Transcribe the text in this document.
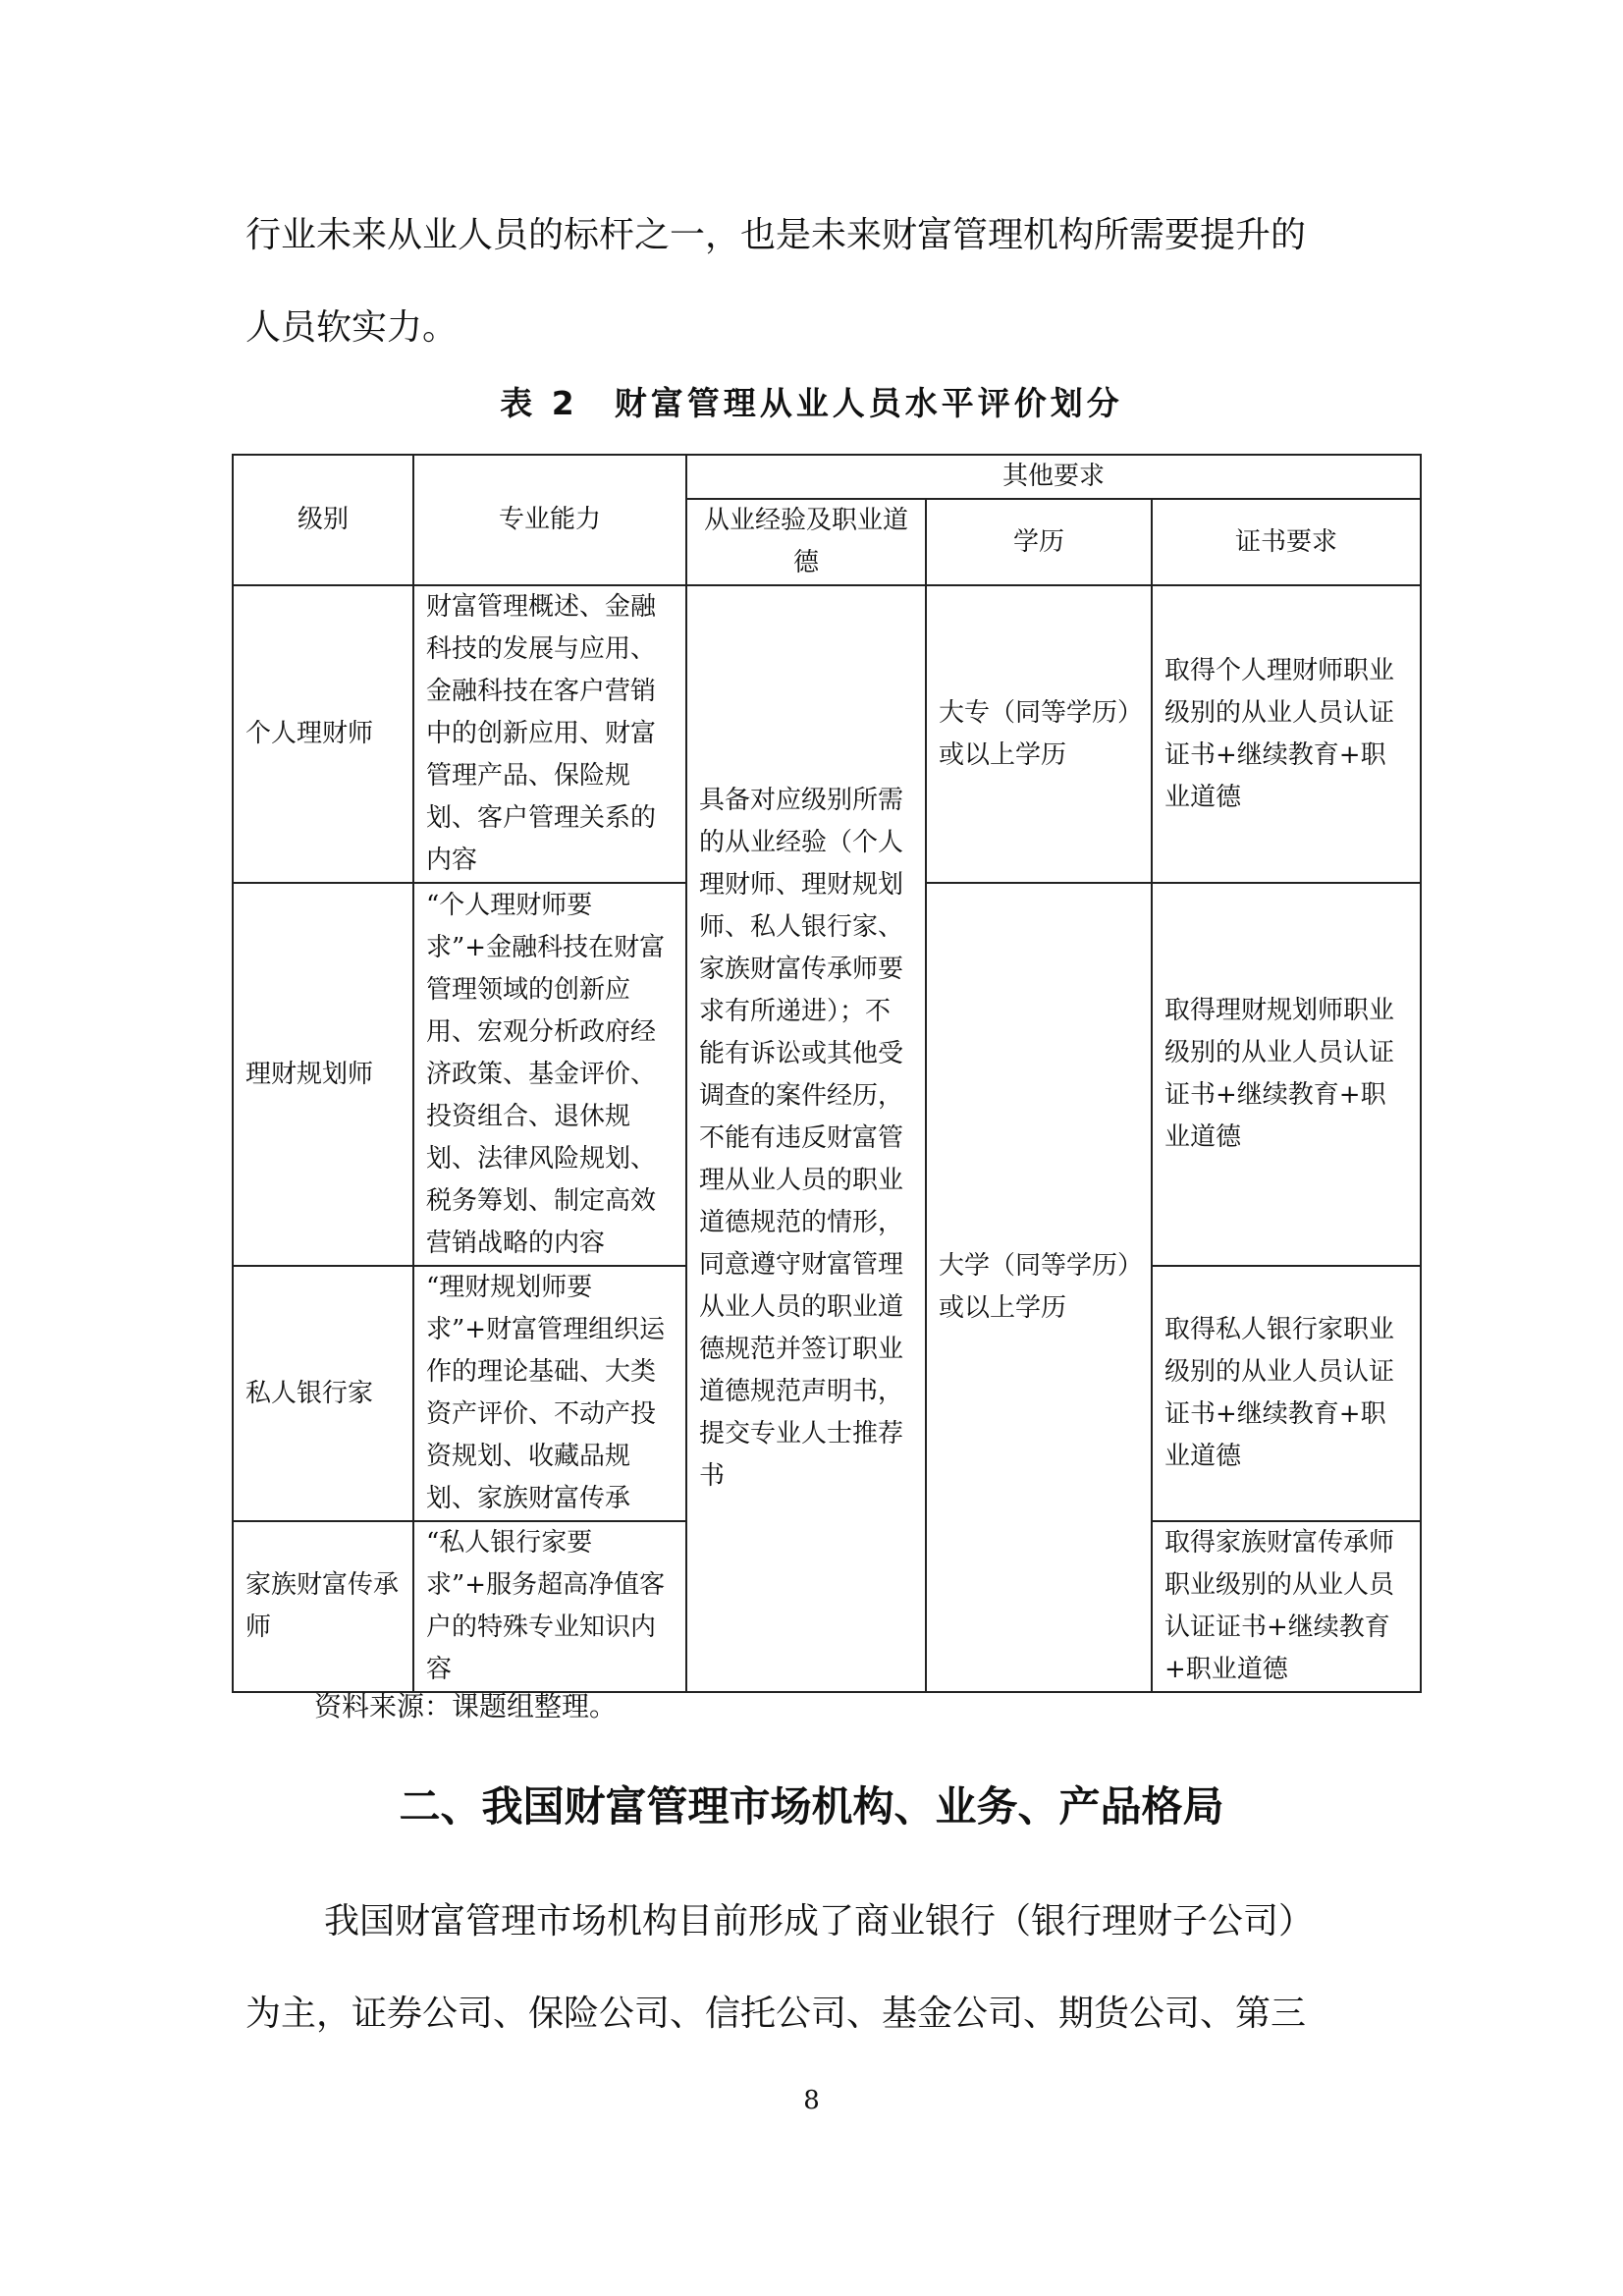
行业未来从业人员的标杆之一，也是未来财富管理机构所需要提升的
人员软实力。

表 2　财富管理从业人员水平评价划分
级别	专业能力	其他要求		
		从业经验及职业道德	学历	证书要求
个人理财师	财富管理概述、金融科技的发展与应用、金融科技在客户营销中的创新应用、财富管理产品、保险规划、客户管理关系的内容	具备对应级别所需的从业经验（个人理财师、理财规划师、私人银行家、家族财富传承师要求有所递进）；不能有诉讼或其他受调查的案件经历，不能有违反财富管理从业人员的职业道德规范的情形，同意遵守财富管理从业人员的职业道德规范并签订职业道德规范声明书，提交专业人士推荐书	大专（同等学历）或以上学历	取得个人理财师职业级别的从业人员认证证书+继续教育+职业道德
理财规划师	“个人理财师要求”+金融科技在财富管理领域的创新应用、宏观分析政府经济政策、基金评价、投资组合、退休规划、法律风险规划、税务筹划、制定高效营销战略的内容		大学（同等学历）或以上学历	取得理财规划师职业级别的从业人员认证证书+继续教育+职业道德
私人银行家	“理财规划师要求”+财富管理组织运作的理论基础、大类资产评价、不动产投资规划、收藏品规划、家族财富传承			取得私人银行家职业级别的从业人员认证证书+继续教育+职业道德
家族财富传承师	“私人银行家要求”+服务超高净值客户的特殊专业知识内容			取得家族财富传承师职业级别的从业人员认证证书+继续教育+职业道德
资料来源：课题组整理。
二、我国财富管理市场机构、业务、产品格局

我国财富管理市场机构目前形成了商业银行（银行理财子公司）
为主，证券公司、保险公司、信托公司、基金公司、期货公司、第三

8
